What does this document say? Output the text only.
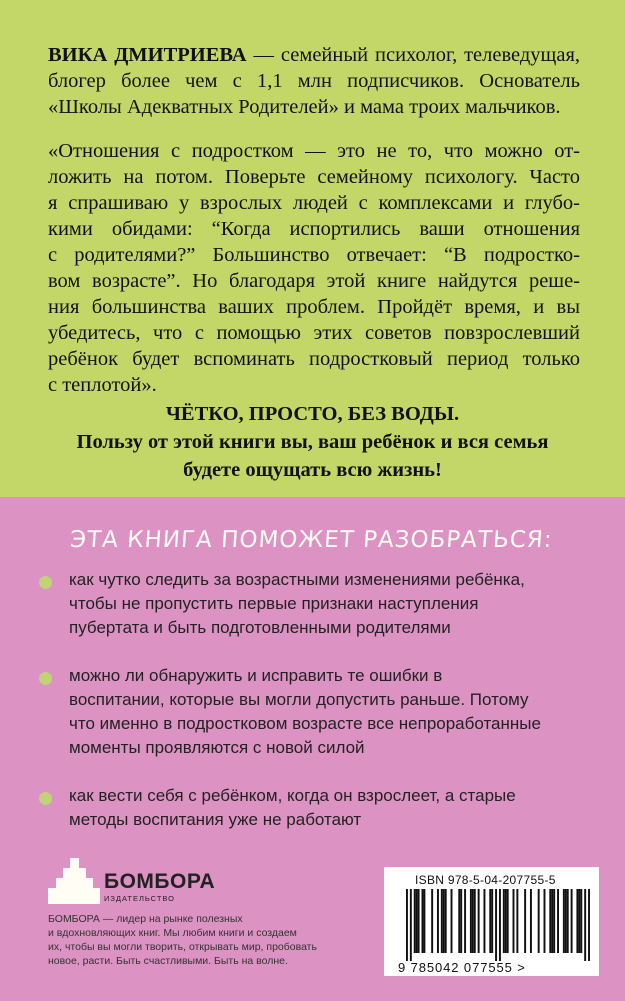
ВИКА ДМИТРИЕВА — семейный психолог, телеведущая, блогер более чем с 1,1 млн подписчиков. Основатель «Школы Адекватных Родителей» и мама троих мальчиков.
«Отношения с подростком — это не то, что можно от-
ложить на потом. Поверьте семейному психологу. Часто
я спрашиваю у взрослых людей с комплексами и глубо-
кими обидами: “Когда испортились ваши отношения
с родителями?” Большинство отвечает: “В подростко-
вом возрасте”. Но благодаря этой книге найдутся реше-
ния большинства ваших проблем. Пройдёт время, и вы
убедитесь, что с помощью этих советов повзрослевший
ребёнок будет вспоминать подростковый период только
с теплотой».
ЧЁТКО, ПРОСТО, БЕЗ ВОДЫ.
Пользу от этой книги вы, ваш ребёнок и вся семья
будете ощущать всю жизнь!
ЭТА КНИГА ПОМОЖЕТ РАЗОБРАТЬСЯ:
как чутко следить за возрастными изменениями ребёнка,
чтобы не пропустить первые признаки наступления
пубертата и быть подготовленными родителями
можно ли обнаружить и исправить те ошибки в
воспитании, которые вы могли допустить раньше. Потому
что именно в подростковом возрасте все непроработанные
моменты проявляются с новой силой
как вести себя с ребёнком, когда он взрослеет, а старые
методы воспитания уже не работают
БОМБОРА
ИЗДАТЕЛЬСТВО
БОМБОРА — лидер на рынке полезных
и вдохновляющих книг. Мы любим книги и создаем
их, чтобы вы могли творить, открывать мир, пробовать
новое, расти. Быть счастливыми. Быть на волне.
ISBN 978-5-04-207755-5
9 785042 077555 >
